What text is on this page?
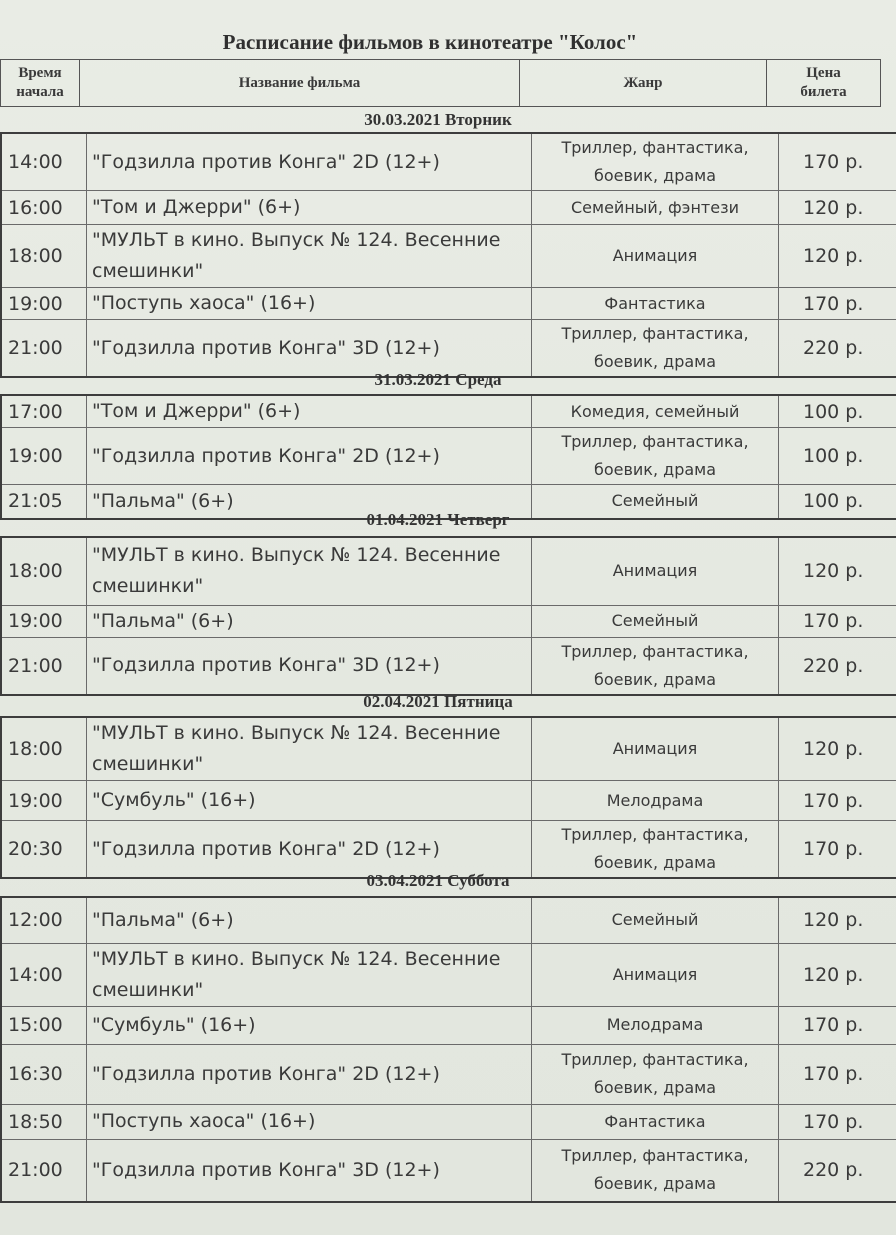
Расписание фильмов в кинотеатре "Колос"
Время
начала	Название фильма	Жанр	Цена
билета
30.03.2021 Вторник
14:00	"Годзилла против Конга" 2D (12+)	Триллер, фантастика, боевик, драма	170 р.
16:00	"Том и Джерри" (6+)	Семейный, фэнтези	120 р.
18:00	"МУЛЬТ в кино. Выпуск № 124. Весенние смешинки"	Анимация	120 р.
19:00	"Поступь хаоса" (16+)	Фантастика	170 р.
21:00	"Годзилла против Конга" 3D (12+)	Триллер, фантастика, боевик, драма	220 р.
31.03.2021 Среда
17:00	"Том и Джерри" (6+)	Комедия, семейный	100 р.
19:00	"Годзилла против Конга" 2D (12+)	Триллер, фантастика, боевик, драма	100 р.
21:05	"Пальма" (6+)	Семейный	100 р.
01.04.2021 Четверг
18:00	"МУЛЬТ в кино. Выпуск № 124. Весенние смешинки"	Анимация	120 р.
19:00	"Пальма" (6+)	Семейный	170 р.
21:00	"Годзилла против Конга" 3D (12+)	Триллер, фантастика, боевик, драма	220 р.
02.04.2021 Пятница
18:00	"МУЛЬТ в кино. Выпуск № 124. Весенние смешинки"	Анимация	120 р.
19:00	"Сумбуль" (16+)	Мелодрама	170 р.
20:30	"Годзилла против Конга" 2D (12+)	Триллер, фантастика, боевик, драма	170 р.
03.04.2021 Суббота
12:00	"Пальма" (6+)	Семейный	120 р.
14:00	"МУЛЬТ в кино. Выпуск № 124. Весенние смешинки"	Анимация	120 р.
15:00	"Сумбуль" (16+)	Мелодрама	170 р.
16:30	"Годзилла против Конга" 2D (12+)	Триллер, фантастика, боевик, драма	170 р.
18:50	"Поступь хаоса" (16+)	Фантастика	170 р.
21:00	"Годзилла против Конга" 3D (12+)	Триллер, фантастика, боевик, драма	220 р.
